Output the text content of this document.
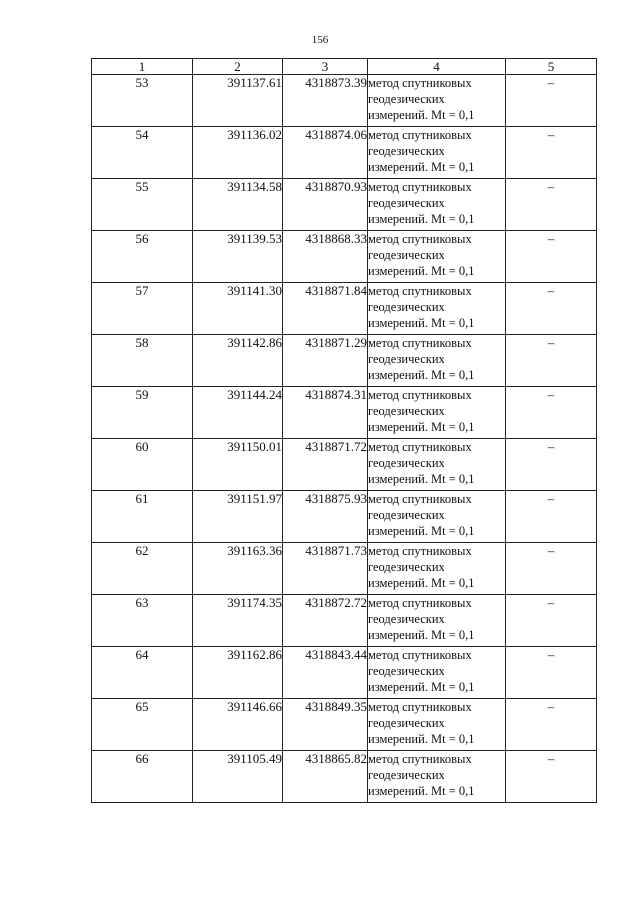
156
1	2	3	4	5
53	391137.61	4318873.39	метод спутниковых
геодезических
измерений. Mt = 0,1	–
54	391136.02	4318874.06	метод спутниковых
геодезических
измерений. Mt = 0,1	–
55	391134.58	4318870.93	метод спутниковых
геодезических
измерений. Mt = 0,1	–
56	391139.53	4318868.33	метод спутниковых
геодезических
измерений. Mt = 0,1	–
57	391141.30	4318871.84	метод спутниковых
геодезических
измерений. Mt = 0,1	–
58	391142.86	4318871.29	метод спутниковых
геодезических
измерений. Mt = 0,1	–
59	391144.24	4318874.31	метод спутниковых
геодезических
измерений. Mt = 0,1	–
60	391150.01	4318871.72	метод спутниковых
геодезических
измерений. Mt = 0,1	–
61	391151.97	4318875.93	метод спутниковых
геодезических
измерений. Mt = 0,1	–
62	391163.36	4318871.73	метод спутниковых
геодезических
измерений. Mt = 0,1	–
63	391174.35	4318872.72	метод спутниковых
геодезических
измерений. Mt = 0,1	–
64	391162.86	4318843.44	метод спутниковых
геодезических
измерений. Mt = 0,1	–
65	391146.66	4318849.35	метод спутниковых
геодезических
измерений. Mt = 0,1	–
66	391105.49	4318865.82	метод спутниковых
геодезических
измерений. Mt = 0,1	–
